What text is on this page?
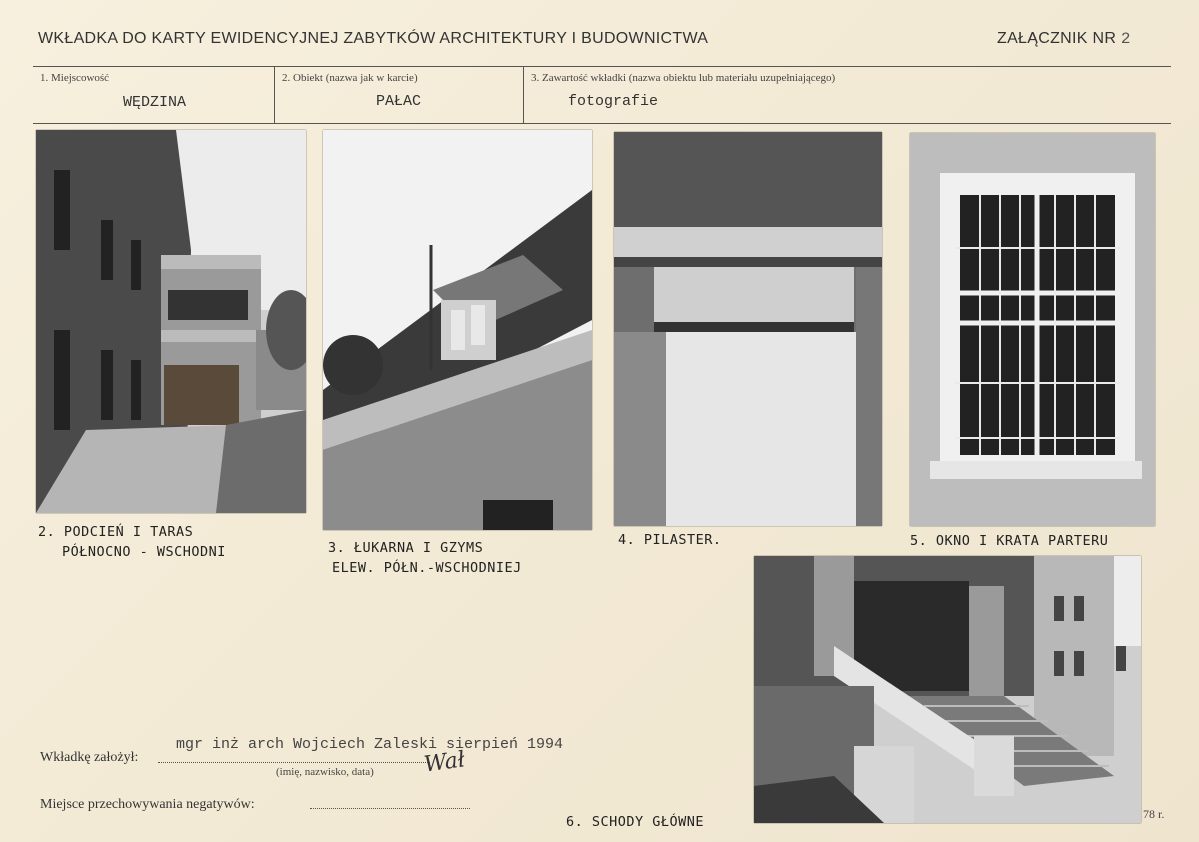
WKŁADKA DO KARTY EWIDENCYJNEJ ZABYTKÓW ARCHITEKTURY I BUDOWNICTWA	ZAŁĄCZNIK NR 2
1. Miejscowość
WĘDZINA
2. Obiekt (nazwa jak w karcie)
PAŁAC
3. Zawartość wkładki (nazwa obiektu lub materiału uzupełniającego)
fotografie
2. PODCIEŃ I TARAS
PÓŁNOCNO - WSCHODNI	3. ŁUKARNA I GZYMS
ELEW. PÓŁN.-WSCHODNIEJ
4. PILASTER.	5. OKNO I KRATA PARTERU
6. SCHODY GŁÓWNE
Wkładkę założył:
mgr inż arch Wojciech Zaleski sierpień 1994
(imię, nazwisko, data) Wał
Miejsce przechowywania negatywów:
78 r.
